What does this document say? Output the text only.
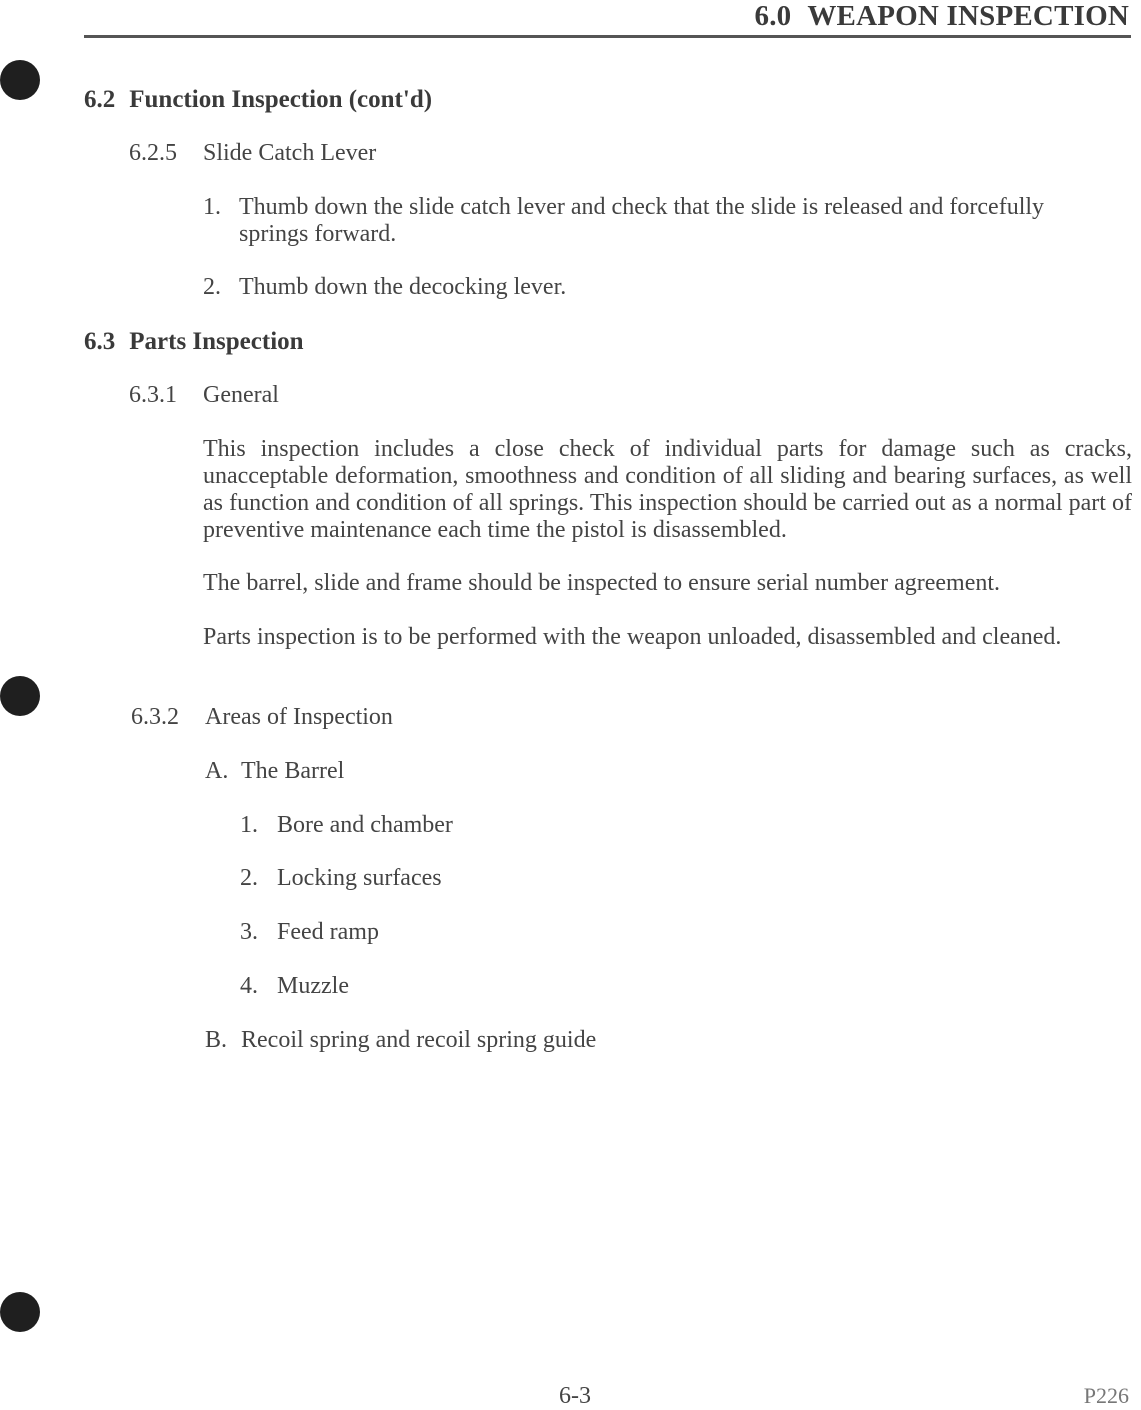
6.0 WEAPON INSPECTION
6.2 Function Inspection (cont'd)
6.2.5 Slide Catch Lever
1. Thumb down the slide catch lever and check that the slide is released and forcefully
springs forward.
2. Thumb down the decocking lever.
6.3 Parts Inspection
6.3.1 General
This inspection includes a close check of individual parts for damage such as cracks, unacceptable deformation, smoothness and condition of all sliding and bearing surfaces, as well as function and condition of all springs. This inspection should be carried out as a normal part of preventive maintenance each time the pistol is disassembled.
The barrel, slide and frame should be inspected to ensure serial number agreement.
Parts inspection is to be performed with the weapon unloaded, disassembled and cleaned.
6.3.2 Areas of Inspection
A. The Barrel
1. Bore and chamber
2. Locking surfaces
3. Feed ramp
4. Muzzle
B. Recoil spring and recoil spring guide
6-3	P226
